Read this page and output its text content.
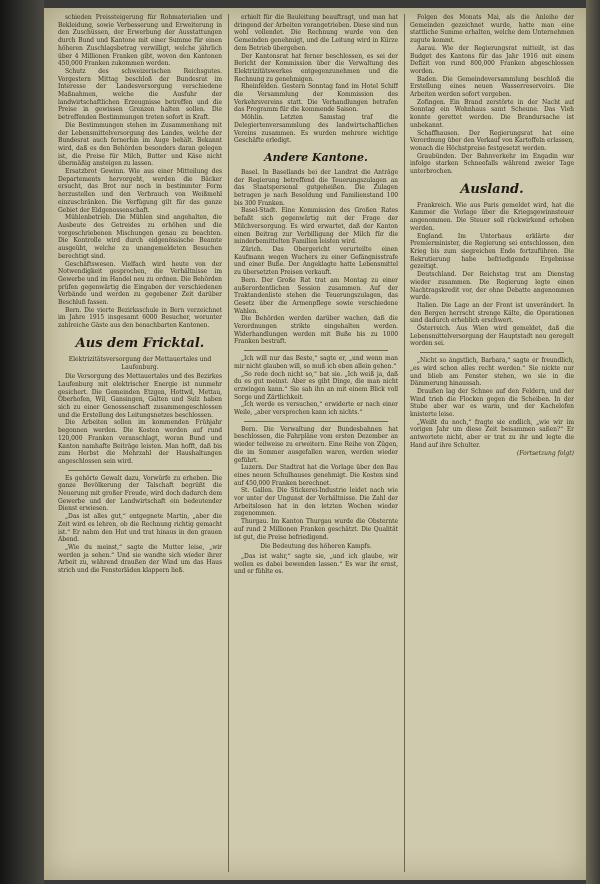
schieden Preissteigerung für Rohmaterialien und Bekleidung, sowie Verbesserung und Erweiterung in den Zuschüssen, der Erwerbung der Ausstattungen durch Bund und Kantone mit einer Summe für einen höheren Zuschlagsbetrag verwilligt, welche jährlich über 4 Millionen Franken gibt, wovon den Kantonen 450,000 Franken zukommen werden.

Schutz des schweizerischen Reichsgutes. Vorgestern Mittag beschloß der Bundesrat im Interesse der Landesversorgung verschiedene Maßnahmen, welche die Ausfuhr der landwirtschaftlichen Erzeugnisse betreffen und die Preise in gewissen Grenzen halten sollen. Die betreffenden Bestimmungen treten sofort in Kraft.

Die Bestimmungen stehen im Zusammenhang mit der Lebensmittelversorgung des Landes, welche der Bundesrat auch fernerhin im Auge behält. Bekannt wird, daß es den Behörden besonders daran gelegen ist, die Preise für Milch, Butter und Käse nicht übermäßig ansteigen zu lassen.

Ersatzbrot Gewinn. Wie aus einer Mitteilung des Departements hervorgeht, werden die Bäcker ersucht, das Brot nur noch in bestimmter Form herzustellen und den Verbrauch von Weißmehl einzuschränken. Die Verfügung gilt für das ganze Gebiet der Eidgenossenschaft.

Mühlenbetrieb. Die Mühlen sind angehalten, die Ausbeute des Getreides zu erhöhen und die vorgeschriebenen Mischungen genau zu beachten. Die Kontrolle wird durch eidgenössische Beamte ausgeübt, welche zu unangemeldeten Besuchen berechtigt sind.

Geschäftswesen. Vielfach wird heute von der Notwendigkeit gesprochen, die Verhältnisse im Gewerbe und im Handel neu zu ordnen. Die Behörden prüfen gegenwärtig die Eingaben der verschiedenen Verbände und werden zu gegebener Zeit darüber Beschluß fassen.

Bern. Die vierte Bezirksschule in Bern verzeichnet im Jahre 1915 insgesamt 6000 Besucher, worunter zahlreiche Gäste aus den benachbarten Kantonen.

Aus dem Fricktal.
Elektrizitätsversorgung der Mettauertales und Laufenburg.

Die Versorgung des Mettauertales und des Bezirkes Laufenburg mit elektrischer Energie ist nunmehr gesichert. Die Gemeinden Etzgen, Hottwil, Mettau, Oberhofen, Wil, Gansingen, Galten und Sulz haben sich zu einer Genossenschaft zusammengeschlossen und die Erstellung des Leitungsnetzes beschlossen.

Die Arbeiten sollen im kommenden Frühjahr begonnen werden. Die Kosten werden auf rund 120,000 Franken veranschlagt, woran Bund und Kanton namhafte Beiträge leisten. Man hofft, daß bis zum Herbst die Mehrzahl der Haushaltungen angeschlossen sein wird.

Es gehörte Gewalt dazu, Vorwürfe zu erheben. Die ganze Bevölkerung der Talschaft begrüßt die Neuerung mit großer Freude, wird doch dadurch dem Gewerbe und der Landwirtschaft ein bedeutender Dienst erwiesen.

„Das ist alles gut,“ entgegnete Martin, „aber die Zeit wird es lehren, ob die Rechnung richtig gemacht ist.“ Er nahm den Hut und trat hinaus in den grauen Abend.

„Wie du meinst,“ sagte die Mutter leise, „wir werden ja sehen.“ Und sie wandte sich wieder ihrer Arbeit zu, während draußen der Wind um das Haus strich und die Fensterläden klappern ließ.

erhielt für die Bauleitung beauftragt, und man hat dringend der Arbeiten vorangetrieben. Diese sind nun wohl vollendet. Die Rechnung wurde von den Gemeinden genehmigt, und die Leitung wird in Kürze dem Betrieb übergeben.

Der Kantonsrat hat ferner beschlossen, es sei der Bericht der Kommission über die Verwaltung des Elektrizitätswerkes entgegenzunehmen und die Rechnung zu genehmigen.

Rheinfelden. Gestern Sonntag fand im Hotel Schiff die Versammlung der Kommission des Verkehrsvereins statt. Die Verhandlungen betrafen das Programm für die kommende Saison.

Möhlin. Letzten Samstag traf die Delegiertenversammlung des landwirtschaftlichen Vereins zusammen. Es wurden mehrere wichtige Geschäfte erledigt.

Andere Kantone.

Basel. In Basellands bei der Landrat die Anträge der Regierung betreffend die Teuerungszulagen an das Staatspersonal gutgeheißen. Die Zulagen betragen je nach Besoldung und Familienstand 100 bis 300 Franken.

Basel-Stadt. Eine Kommission des Großen Rates befaßt sich gegenwärtig mit der Frage der Milchversorgung. Es wird erwartet, daß der Kanton einen Beitrag zur Verbilligung der Milch für die minderbemittelten Familien leisten wird.

Zürich. Das Obergericht verurteilte einen Kaufmann wegen Wuchers zu einer Gefängnisstrafe und einer Buße. Der Angeklagte hatte Lebensmittel zu übersetzten Preisen verkauft.

Bern. Der Große Rat trat am Montag zu einer außerordentlichen Session zusammen. Auf der Traktandenliste stehen die Teuerungszulagen, das Gesetz über die Armenpflege sowie verschiedene Wahlen.

Die Behörden werden darüber wachen, daß die Verordnungen strikte eingehalten werden. Widerhandlungen werden mit Buße bis zu 1000 Franken bestraft.

„Ich will nur das Beste,“ sagte er, „und wenn man mir nicht glauben will, so muß ich eben allein gehen.“

„So rede doch nicht so,“ bat sie. „Ich weiß ja, daß du es gut meinst. Aber es gibt Dinge, die man nicht erzwingen kann.“ Sie sah ihn an mit einem Blick voll Sorge und Zärtlichkeit.

„Ich werde es versuchen,“ erwiderte er nach einer Weile, „aber versprechen kann ich nichts.“

Bern. Die Verwaltung der Bundesbahnen hat beschlossen, die Fahrpläne vom ersten Dezember an wieder teilweise zu erweitern. Eine Reihe von Zügen, die im Sommer ausgefallen waren, werden wieder geführt.

Luzern. Der Stadtrat hat die Vorlage über den Bau eines neuen Schulhauses genehmigt. Die Kosten sind auf 450,000 Franken berechnet.

St. Gallen. Die Stickerei-Industrie leidet nach wie vor unter der Ungunst der Verhältnisse. Die Zahl der Arbeitslosen hat in den letzten Wochen wieder zugenommen.

Thurgau. Im Kanton Thurgau wurde die Obsternte auf rund 2 Millionen Franken geschätzt. Die Qualität ist gut, die Preise befriedigend.

Die Bedeutung des höheren Kampfs.

„Das ist wahr,“ sagte sie, „und ich glaube, wir wollen es dabei bewenden lassen.“ Es war ihr ernst, und er fühlte es.

Folgen des Monats Mai, als die Anleihe der Gemeinden gezeichnet wurde, hatte man eine stattliche Summe erhalten, welche dem Unternehmen zugute kommt.

Aarau. Wie der Regierungsrat mitteilt, ist das Budget des Kantons für das Jahr 1916 mit einem Defizit von rund 800,000 Franken abgeschlossen worden.

Baden. Die Gemeindeversammlung beschloß die Erstellung eines neuen Wasserreservoirs. Die Arbeiten werden sofort vergeben.

Zofingen. Ein Brand zerstörte in der Nacht auf Sonntag ein Wohnhaus samt Scheune. Das Vieh konnte gerettet werden. Die Brandursache ist unbekannt.

Schaffhausen. Der Regierungsrat hat eine Verordnung über den Verkauf von Kartoffeln erlassen, wonach die Höchstpreise festgesetzt werden.

Graubünden. Der Bahnverkehr im Engadin war infolge starken Schneefalls während zweier Tage unterbrochen.

Ausland.

Frankreich. Wie aus Paris gemeldet wird, hat die Kammer die Vorlage über die Kriegsgewinnsteuer angenommen. Die Steuer soll rückwirkend erhoben werden.

England. Im Unterhaus erklärte der Premierminister, die Regierung sei entschlossen, den Krieg bis zum siegreichen Ende fortzuführen. Die Rekrutierung habe befriedigende Ergebnisse gezeitigt.

Deutschland. Der Reichstag trat am Dienstag wieder zusammen. Die Regierung legte einen Nachtragskredit vor, der ohne Debatte angenommen wurde.

Italien. Die Lage an der Front ist unverändert. In den Bergen herrscht strenge Kälte, die Operationen sind dadurch erheblich erschwert.

Österreich. Aus Wien wird gemeldet, daß die Lebensmittelversorgung der Hauptstadt neu geregelt worden sei.

„Nicht so ängstlich, Barbara,“ sagte er freundlich, „es wird schon alles recht werden.“ Sie nickte nur und blieb am Fenster stehen, wo sie in die Dämmerung hinaussah.

Draußen lag der Schnee auf den Feldern, und der Wind trieb die Flocken gegen die Scheiben. In der Stube aber war es warm, und der Kachelofen knisterte leise.

„Weißt du noch,“ fragte sie endlich, „wie wir im vorigen Jahr um diese Zeit beisammen saßen?“ Er antwortete nicht, aber er trat zu ihr und legte die Hand auf ihre Schulter.

(Fortsetzung folgt)
